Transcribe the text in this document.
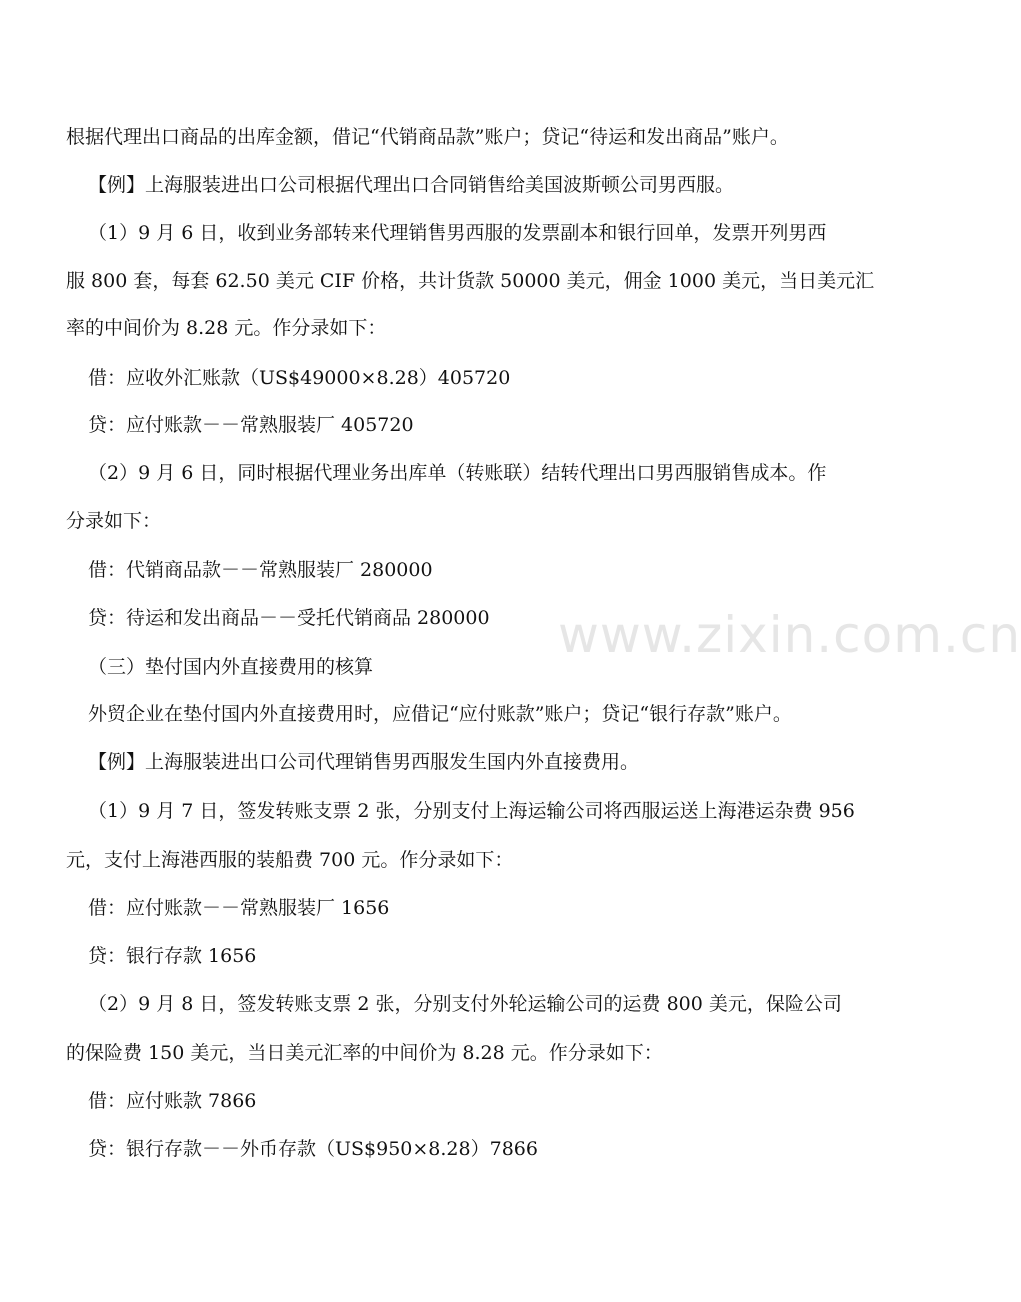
www.zixin.com.cn
根据代理出口商品的出库金额，借记“代销商品款”账户；贷记“待运和发出商品”账户。
【例】上海服装进出口公司根据代理出口合同销售给美国波斯顿公司男西服。
（1）9 月 6 日，收到业务部转来代理销售男西服的发票副本和银行回单，发票开列男西
服 800 套，每套 62.50 美元 CIF 价格，共计货款 50000 美元，佣金 1000 美元，当日美元汇
率的中间价为 8.28 元。作分录如下：
借：应收外汇账款（US$49000×8.28）405720
贷：应付账款－－常熟服装厂 405720
（2）9 月 6 日，同时根据代理业务出库单（转账联）结转代理出口男西服销售成本。作
分录如下：
借：代销商品款－－常熟服装厂 280000
贷：待运和发出商品－－受托代销商品 280000
（三）垫付国内外直接费用的核算
外贸企业在垫付国内外直接费用时，应借记“应付账款”账户；贷记“银行存款”账户。
【例】上海服装进出口公司代理销售男西服发生国内外直接费用。
（1）9 月 7 日，签发转账支票 2 张，分别支付上海运输公司将西服运送上海港运杂费 956
元，支付上海港西服的装船费 700 元。作分录如下：
借：应付账款－－常熟服装厂 1656
贷：银行存款 1656
（2）9 月 8 日，签发转账支票 2 张，分别支付外轮运输公司的运费 800 美元，保险公司
的保险费 150 美元，当日美元汇率的中间价为 8.28 元。作分录如下：
借：应付账款 7866
贷：银行存款－－外币存款（US$950×8.28）7866
